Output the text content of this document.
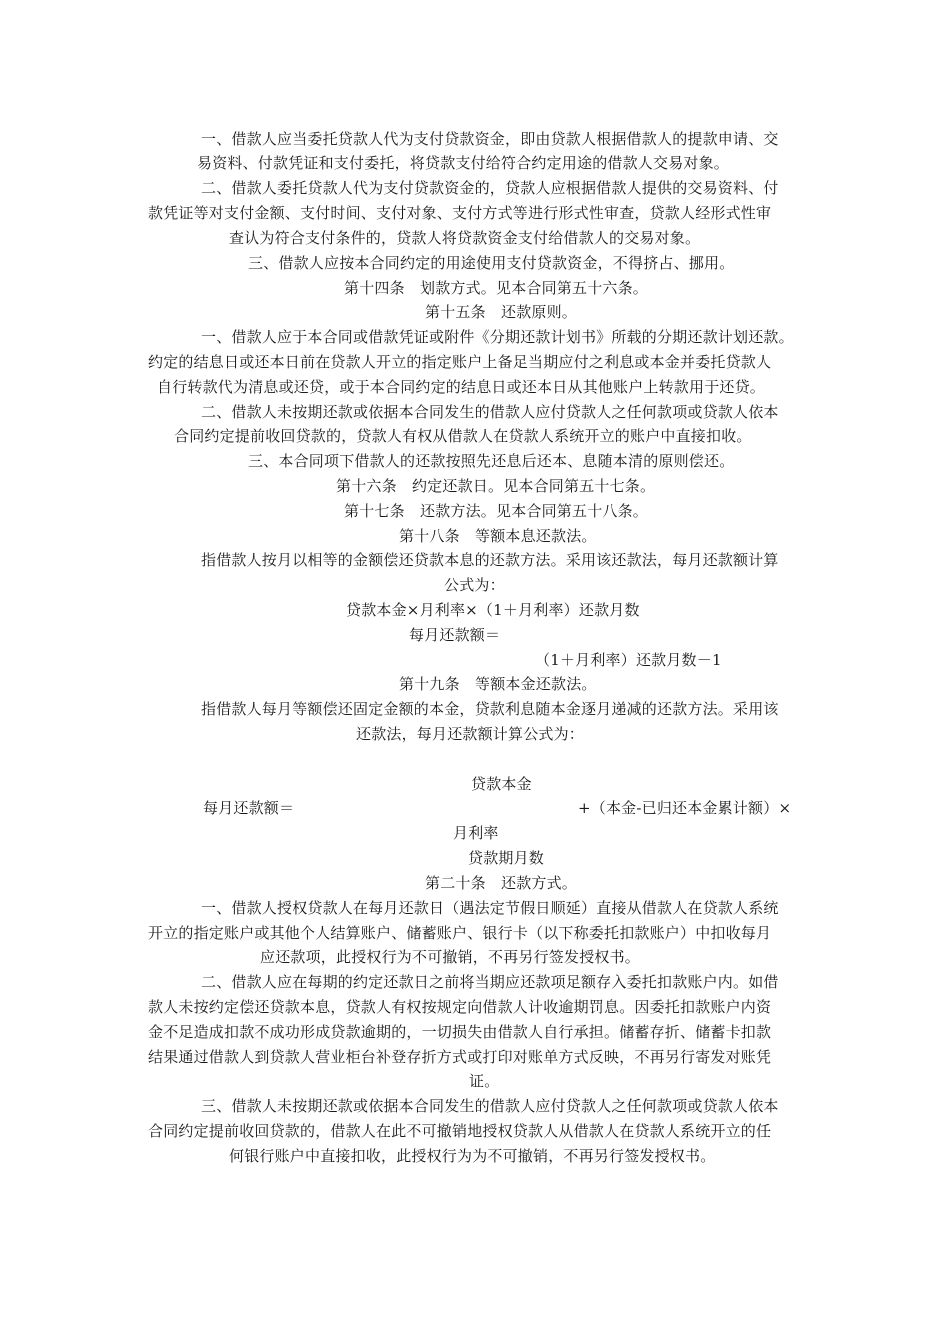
一、借款人应当委托贷款人代为支付贷款资金，即由贷款人根据借款人的提款申请、交
易资料、付款凭证和支付委托，将贷款支付给符合约定用途的借款人交易对象。
二、借款人委托贷款人代为支付贷款资金的，贷款人应根据借款人提供的交易资料、付
款凭证等对支付金额、支付时间、支付对象、支付方式等进行形式性审查，贷款人经形式性审
查认为符合支付条件的，贷款人将贷款资金支付给借款人的交易对象。
三、借款人应按本合同约定的用途使用支付贷款资金，不得挤占、挪用。
第十四条　划款方式。见本合同第五十六条。
第十五条　还款原则。
一、借款人应于本合同或借款凭证或附件《分期还款计划书》所载的分期还款计划还款。
约定的结息日或还本日前在贷款人开立的指定账户上备足当期应付之利息或本金并委托贷款人
自行转款代为清息或还贷，或于本合同约定的结息日或还本日从其他账户上转款用于还贷。
二、借款人未按期还款或依据本合同发生的借款人应付贷款人之任何款项或贷款人依本
合同约定提前收回贷款的，贷款人有权从借款人在贷款人系统开立的账户中直接扣收。
三、本合同项下借款人的还款按照先还息后还本、息随本清的原则偿还。
第十六条　约定还款日。见本合同第五十七条。
第十七条　还款方法。见本合同第五十八条。
第十八条　等额本息还款法。
指借款人按月以相等的金额偿还贷款本息的还款方法。采用该还款法，每月还款额计算
公式为：
贷款本金×月利率×（1＋月利率）还款月数
每月还款额＝
（1＋月利率）还款月数－1
第十九条　等额本金还款法。
指借款人每月等额偿还固定金额的本金，贷款利息随本金逐月递减的还款方法。采用该
还款法，每月还款额计算公式为：
贷款本金
每月还款额＝	+（本金-已归还本金累计额）×
月利率
贷款期月数
第二十条　还款方式。
一、借款人授权贷款人在每月还款日（遇法定节假日顺延）直接从借款人在贷款人系统
开立的指定账户或其他个人结算账户、储蓄账户、银行卡（以下称委托扣款账户）中扣收每月
应还款项，此授权行为不可撤销，不再另行签发授权书。
二、借款人应在每期的约定还款日之前将当期应还款项足额存入委托扣款账户内。如借
款人未按约定偿还贷款本息，贷款人有权按规定向借款人计收逾期罚息。因委托扣款账户内资
金不足造成扣款不成功形成贷款逾期的，一切损失由借款人自行承担。储蓄存折、储蓄卡扣款
结果通过借款人到贷款人营业柜台补登存折方式或打印对账单方式反映，不再另行寄发对账凭
证。
三、借款人未按期还款或依据本合同发生的借款人应付贷款人之任何款项或贷款人依本
合同约定提前收回贷款的，借款人在此不可撤销地授权贷款人从借款人在贷款人系统开立的任
何银行账户中直接扣收，此授权行为为不可撤销，不再另行签发授权书。
